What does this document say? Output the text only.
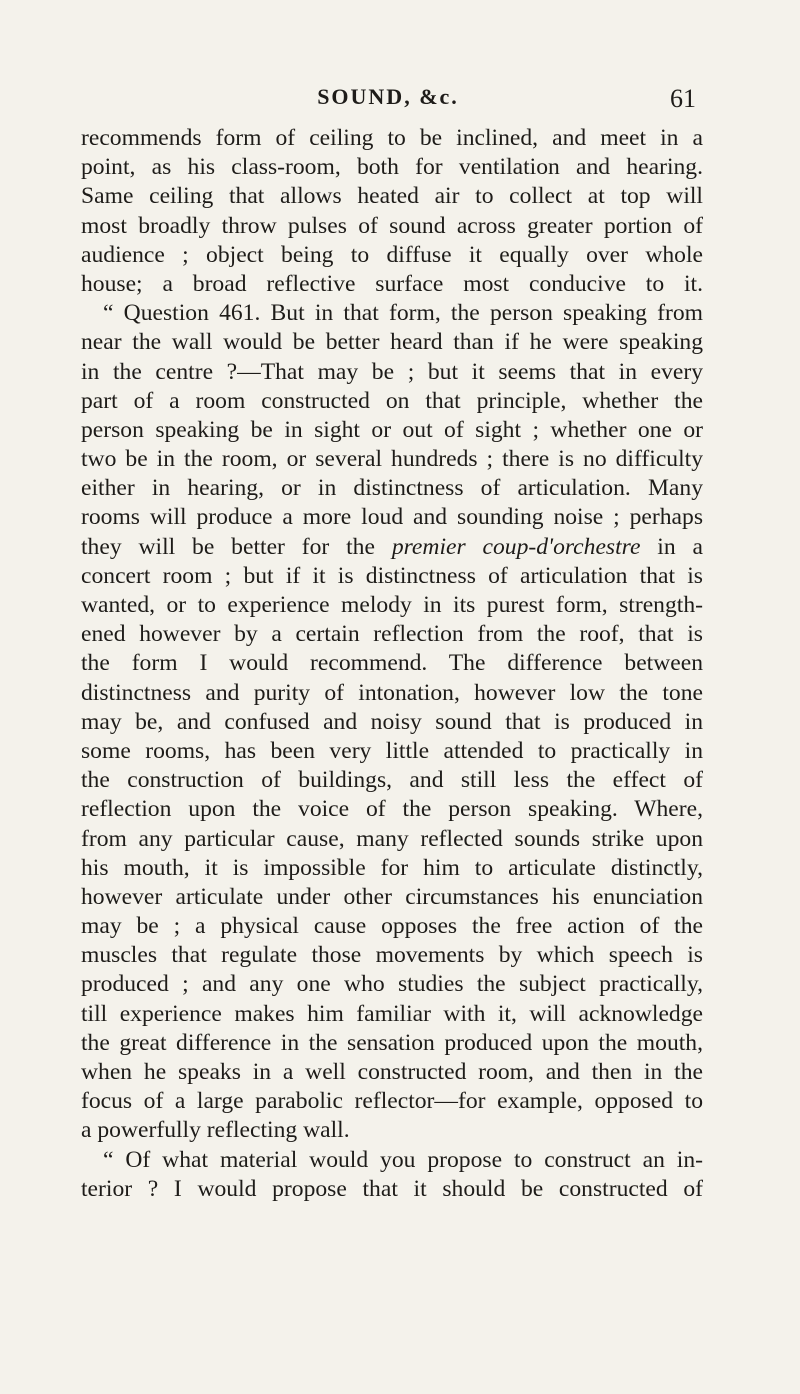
SOUND, &c.	61
recommends form of ceiling to be inclined, and meet in a
point, as his class-room, both for ventilation and hearing.
Same ceiling that allows heated air to collect at top will
most broadly throw pulses of sound across greater portion of
audience ; object being to diffuse it equally over whole
house; a broad reflective surface most conducive to it.
“ Question 461. But in that form, the person speaking from
near the wall would be better heard than if he were speaking
in the centre ?—That may be ; but it seems that in every
part of a room constructed on that principle, whether the
person speaking be in sight or out of sight ; whether one or
two be in the room, or several hundreds ; there is no difficulty
either in hearing, or in distinctness of articulation. Many
rooms will produce a more loud and sounding noise ; perhaps
they will be better for the premier coup-d'orchestre in a
concert room ; but if it is distinctness of articulation that is
wanted, or to experience melody in its purest form, strength-
ened however by a certain reflection from the roof, that is
the form I would recommend. The difference between
distinctness and purity of intonation, however low the tone
may be, and confused and noisy sound that is produced in
some rooms, has been very little attended to practically in
the construction of buildings, and still less the effect of
reflection upon the voice of the person speaking. Where,
from any particular cause, many reflected sounds strike upon
his mouth, it is impossible for him to articulate distinctly,
however articulate under other circumstances his enunciation
may be ; a physical cause opposes the free action of the
muscles that regulate those movements by which speech is
produced ; and any one who studies the subject practically,
till experience makes him familiar with it, will acknowledge
the great difference in the sensation produced upon the mouth,
when he speaks in a well constructed room, and then in the
focus of a large parabolic reflector—for example, opposed to
a powerfully reflecting wall.
“ Of what material would you propose to construct an in-
terior ? I would propose that it should be constructed of
